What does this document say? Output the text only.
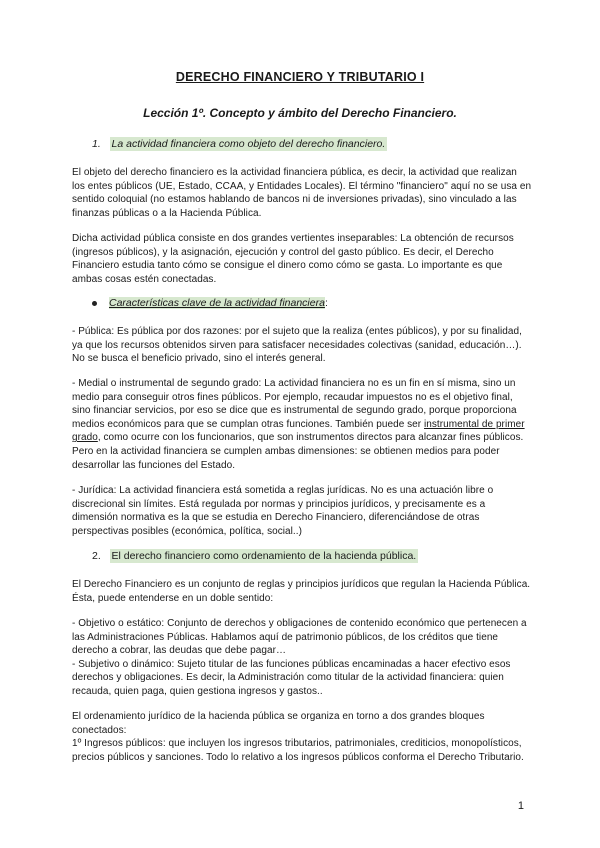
DERECHO FINANCIERO Y TRIBUTARIO I
Lección 1º. Concepto y ámbito del Derecho Financiero.
1. La actividad financiera como objeto del derecho financiero.

El objeto del derecho financiero es la actividad financiera pública, es decir, la actividad que realizan los entes públicos (UE, Estado, CCAA, y Entidades Locales). El término "financiero" aquí no se usa en sentido coloquial (no estamos hablando de bancos ni de inversiones privadas), sino vinculado a las finanzas públicas o a la Hacienda Pública.

Dicha actividad pública consiste en dos grandes vertientes inseparables: La obtención de recursos (ingresos públicos), y la asignación, ejecución y control del gasto público. Es decir, el Derecho Financiero estudia tanto cómo se consigue el dinero como cómo se gasta. Lo importante es que ambas cosas estén conectadas.

Características clave de la actividad financiera:

- Pública: Es pública por dos razones: por el sujeto que la realiza (entes públicos), y por su finalidad, ya que los recursos obtenidos sirven para satisfacer necesidades colectivas (sanidad, educación…). No se busca el beneficio privado, sino el interés general.

- Medial o instrumental de segundo grado: La actividad financiera no es un fin en sí misma, sino un medio para conseguir otros fines públicos. Por ejemplo, recaudar impuestos no es el objetivo final, sino financiar servicios, por eso se dice que es instrumental de segundo grado, porque proporciona medios económicos para que se cumplan otras funciones. También puede ser instrumental de primer grado, como ocurre con los funcionarios, que son instrumentos directos para alcanzar fines públicos. Pero en la actividad financiera se cumplen ambas dimensiones: se obtienen medios para poder desarrollar las funciones del Estado.

- Jurídica: La actividad financiera está sometida a reglas jurídicas. No es una actuación libre o discrecional sin límites. Está regulada por normas y principios jurídicos, y precisamente es a dimensión normativa es la que se estudia en Derecho Financiero, diferenciándose de otras perspectivas posibles (económica, política, social..)

2. El derecho financiero como ordenamiento de la hacienda pública.

El Derecho Financiero es un conjunto de reglas y principios jurídicos que regulan la Hacienda Pública. Ésta, puede entenderse en un doble sentido:

- Objetivo o estático: Conjunto de derechos y obligaciones de contenido económico que pertenecen a las Administraciones Públicas. Hablamos aquí de patrimonio públicos, de los créditos que tiene derecho a cobrar, las deudas que debe pagar…

- Subjetivo o dinámico: Sujeto titular de las funciones públicas encaminadas a hacer efectivo esos derechos y obligaciones. Es decir, la Administración como titular de la actividad financiera: quien recauda, quien paga, quien gestiona ingresos y gastos..

El ordenamiento jurídico de la hacienda pública se organiza en torno a dos grandes bloques conectados:

1º Ingresos públicos: que incluyen los ingresos tributarios, patrimoniales, crediticios, monopolísticos, precios públicos y sanciones. Todo lo relativo a los ingresos públicos conforma el Derecho Tributario.

1
